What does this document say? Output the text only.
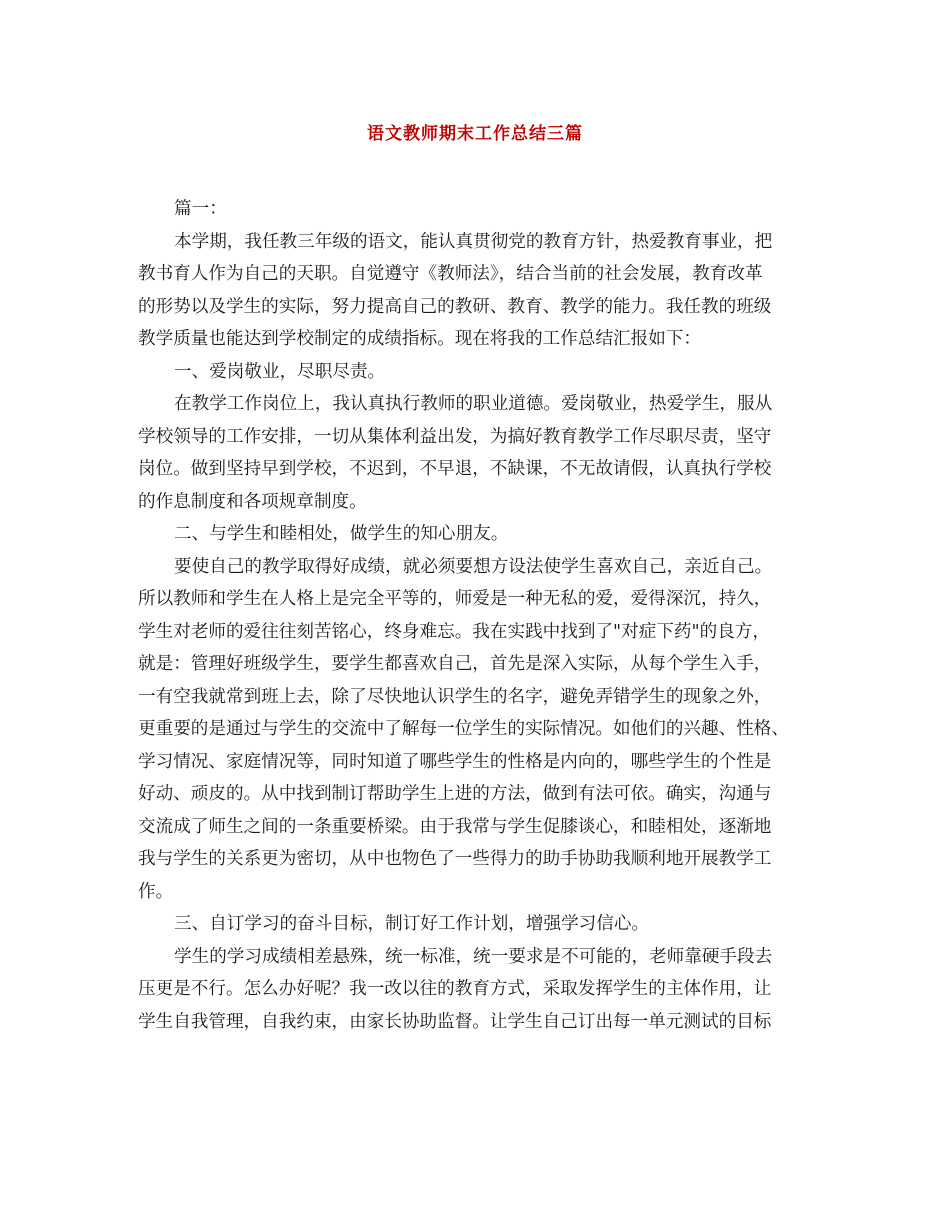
语文教师期末工作总结三篇
篇一：
本学期，我任教三年级的语文，能认真贯彻党的教育方针，热爱教育事业，把
教书育人作为自己的天职。自觉遵守《教师法》，结合当前的社会发展，教育改革
的形势以及学生的实际，努力提高自己的教研、教育、教学的能力。我任教的班级
教学质量也能达到学校制定的成绩指标。现在将我的工作总结汇报如下：
一、爱岗敬业，尽职尽责。
在教学工作岗位上，我认真执行教师的职业道德。爱岗敬业，热爱学生，服从
学校领导的工作安排，一切从集体利益出发，为搞好教育教学工作尽职尽责，坚守
岗位。做到坚持早到学校，不迟到，不早退，不缺课，不无故请假，认真执行学校
的作息制度和各项规章制度。
二、与学生和睦相处，做学生的知心朋友。
要使自己的教学取得好成绩，就必须要想方设法使学生喜欢自己，亲近自己。
所以教师和学生在人格上是完全平等的，师爱是一种无私的爱，爱得深沉，持久，
学生对老师的爱往往刻苦铭心，终身难忘。我在实践中找到了"对症下药"的良方，
就是：管理好班级学生，要学生都喜欢自己，首先是深入实际，从每个学生入手，
一有空我就常到班上去，除了尽快地认识学生的名字，避免弄错学生的现象之外，
更重要的是通过与学生的交流中了解每一位学生的实际情况。如他们的兴趣、性格、
学习情况、家庭情况等，同时知道了哪些学生的性格是内向的，哪些学生的个性是
好动、顽皮的。从中找到制订帮助学生上进的方法，做到有法可依。确实，沟通与
交流成了师生之间的一条重要桥梁。由于我常与学生促膝谈心，和睦相处，逐渐地
我与学生的关系更为密切，从中也物色了一些得力的助手协助我顺利地开展教学工
作。
三、自订学习的奋斗目标，制订好工作计划，增强学习信心。
学生的学习成绩相差悬殊，统一标准，统一要求是不可能的，老师靠硬手段去
压更是不行。怎么办好呢？我一改以往的教育方式，采取发挥学生的主体作用，让
学生自我管理，自我约束，由家长协助监督。让学生自己订出每一单元测试的目标
